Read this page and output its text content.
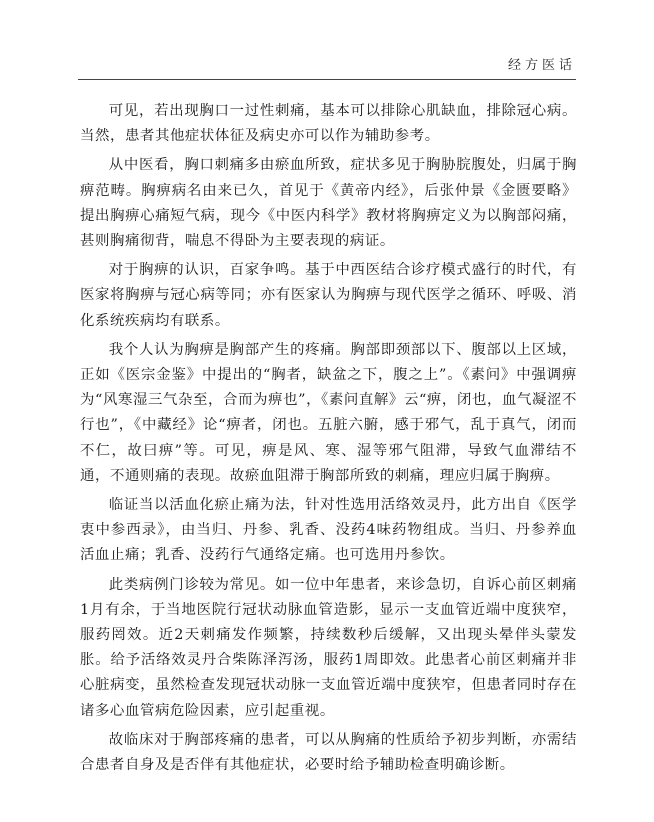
经方医话

可见，若出现胸口一过性刺痛，基本可以排除心肌缺血，排除冠心病。当然，患者其他症状体征及病史亦可以作为辅助参考。

从中医看，胸口刺痛多由瘀血所致，症状多见于胸胁脘腹处，归属于胸痹范畴。胸痹病名由来已久，首见于《黄帝内经》，后张仲景《金匮要略》提出胸痹心痛短气病，现今《中医内科学》教材将胸痹定义为以胸部闷痛，甚则胸痛彻背，喘息不得卧为主要表现的病证。

对于胸痹的认识，百家争鸣。基于中西医结合诊疗模式盛行的时代，有医家将胸痹与冠心病等同；亦有医家认为胸痹与现代医学之循环、呼吸、消化系统疾病均有联系。

我个人认为胸痹是胸部产生的疼痛。胸部即颈部以下、腹部以上区域，正如《医宗金鉴》中提出的“胸者，缺盆之下，腹之上”。《素问》中强调痹为“风寒湿三气杂至，合而为痹也”，《素问直解》云“痹，闭也，血气凝涩不行也”，《中藏经》论“痹者，闭也。五脏六腑，感于邪气，乱于真气，闭而不仁，故曰痹”等。可见，痹是风、寒、湿等邪气阻滞，导致气血滞结不通，不通则痛的表现。故瘀血阻滞于胸部所致的刺痛，理应归属于胸痹。

临证当以活血化瘀止痛为法，针对性选用活络效灵丹，此方出自《医学衷中参西录》，由当归、丹参、乳香、没药4味药物组成。当归、丹参养血活血止痛；乳香、没药行气通络定痛。也可选用丹参饮。

此类病例门诊较为常见。如一位中年患者，来诊急切，自诉心前区刺痛1月有余，于当地医院行冠状动脉血管造影，显示一支血管近端中度狭窄，服药罔效。近2天刺痛发作频繁，持续数秒后缓解，又出现头晕伴头蒙发胀。给予活络效灵丹合柴陈泽泻汤，服药1周即效。此患者心前区刺痛并非心脏病变，虽然检查发现冠状动脉一支血管近端中度狭窄，但患者同时存在诸多心血管病危险因素，应引起重视。

故临床对于胸部疼痛的患者，可以从胸痛的性质给予初步判断，亦需结合患者自身及是否伴有其他症状，必要时给予辅助检查明确诊断。
